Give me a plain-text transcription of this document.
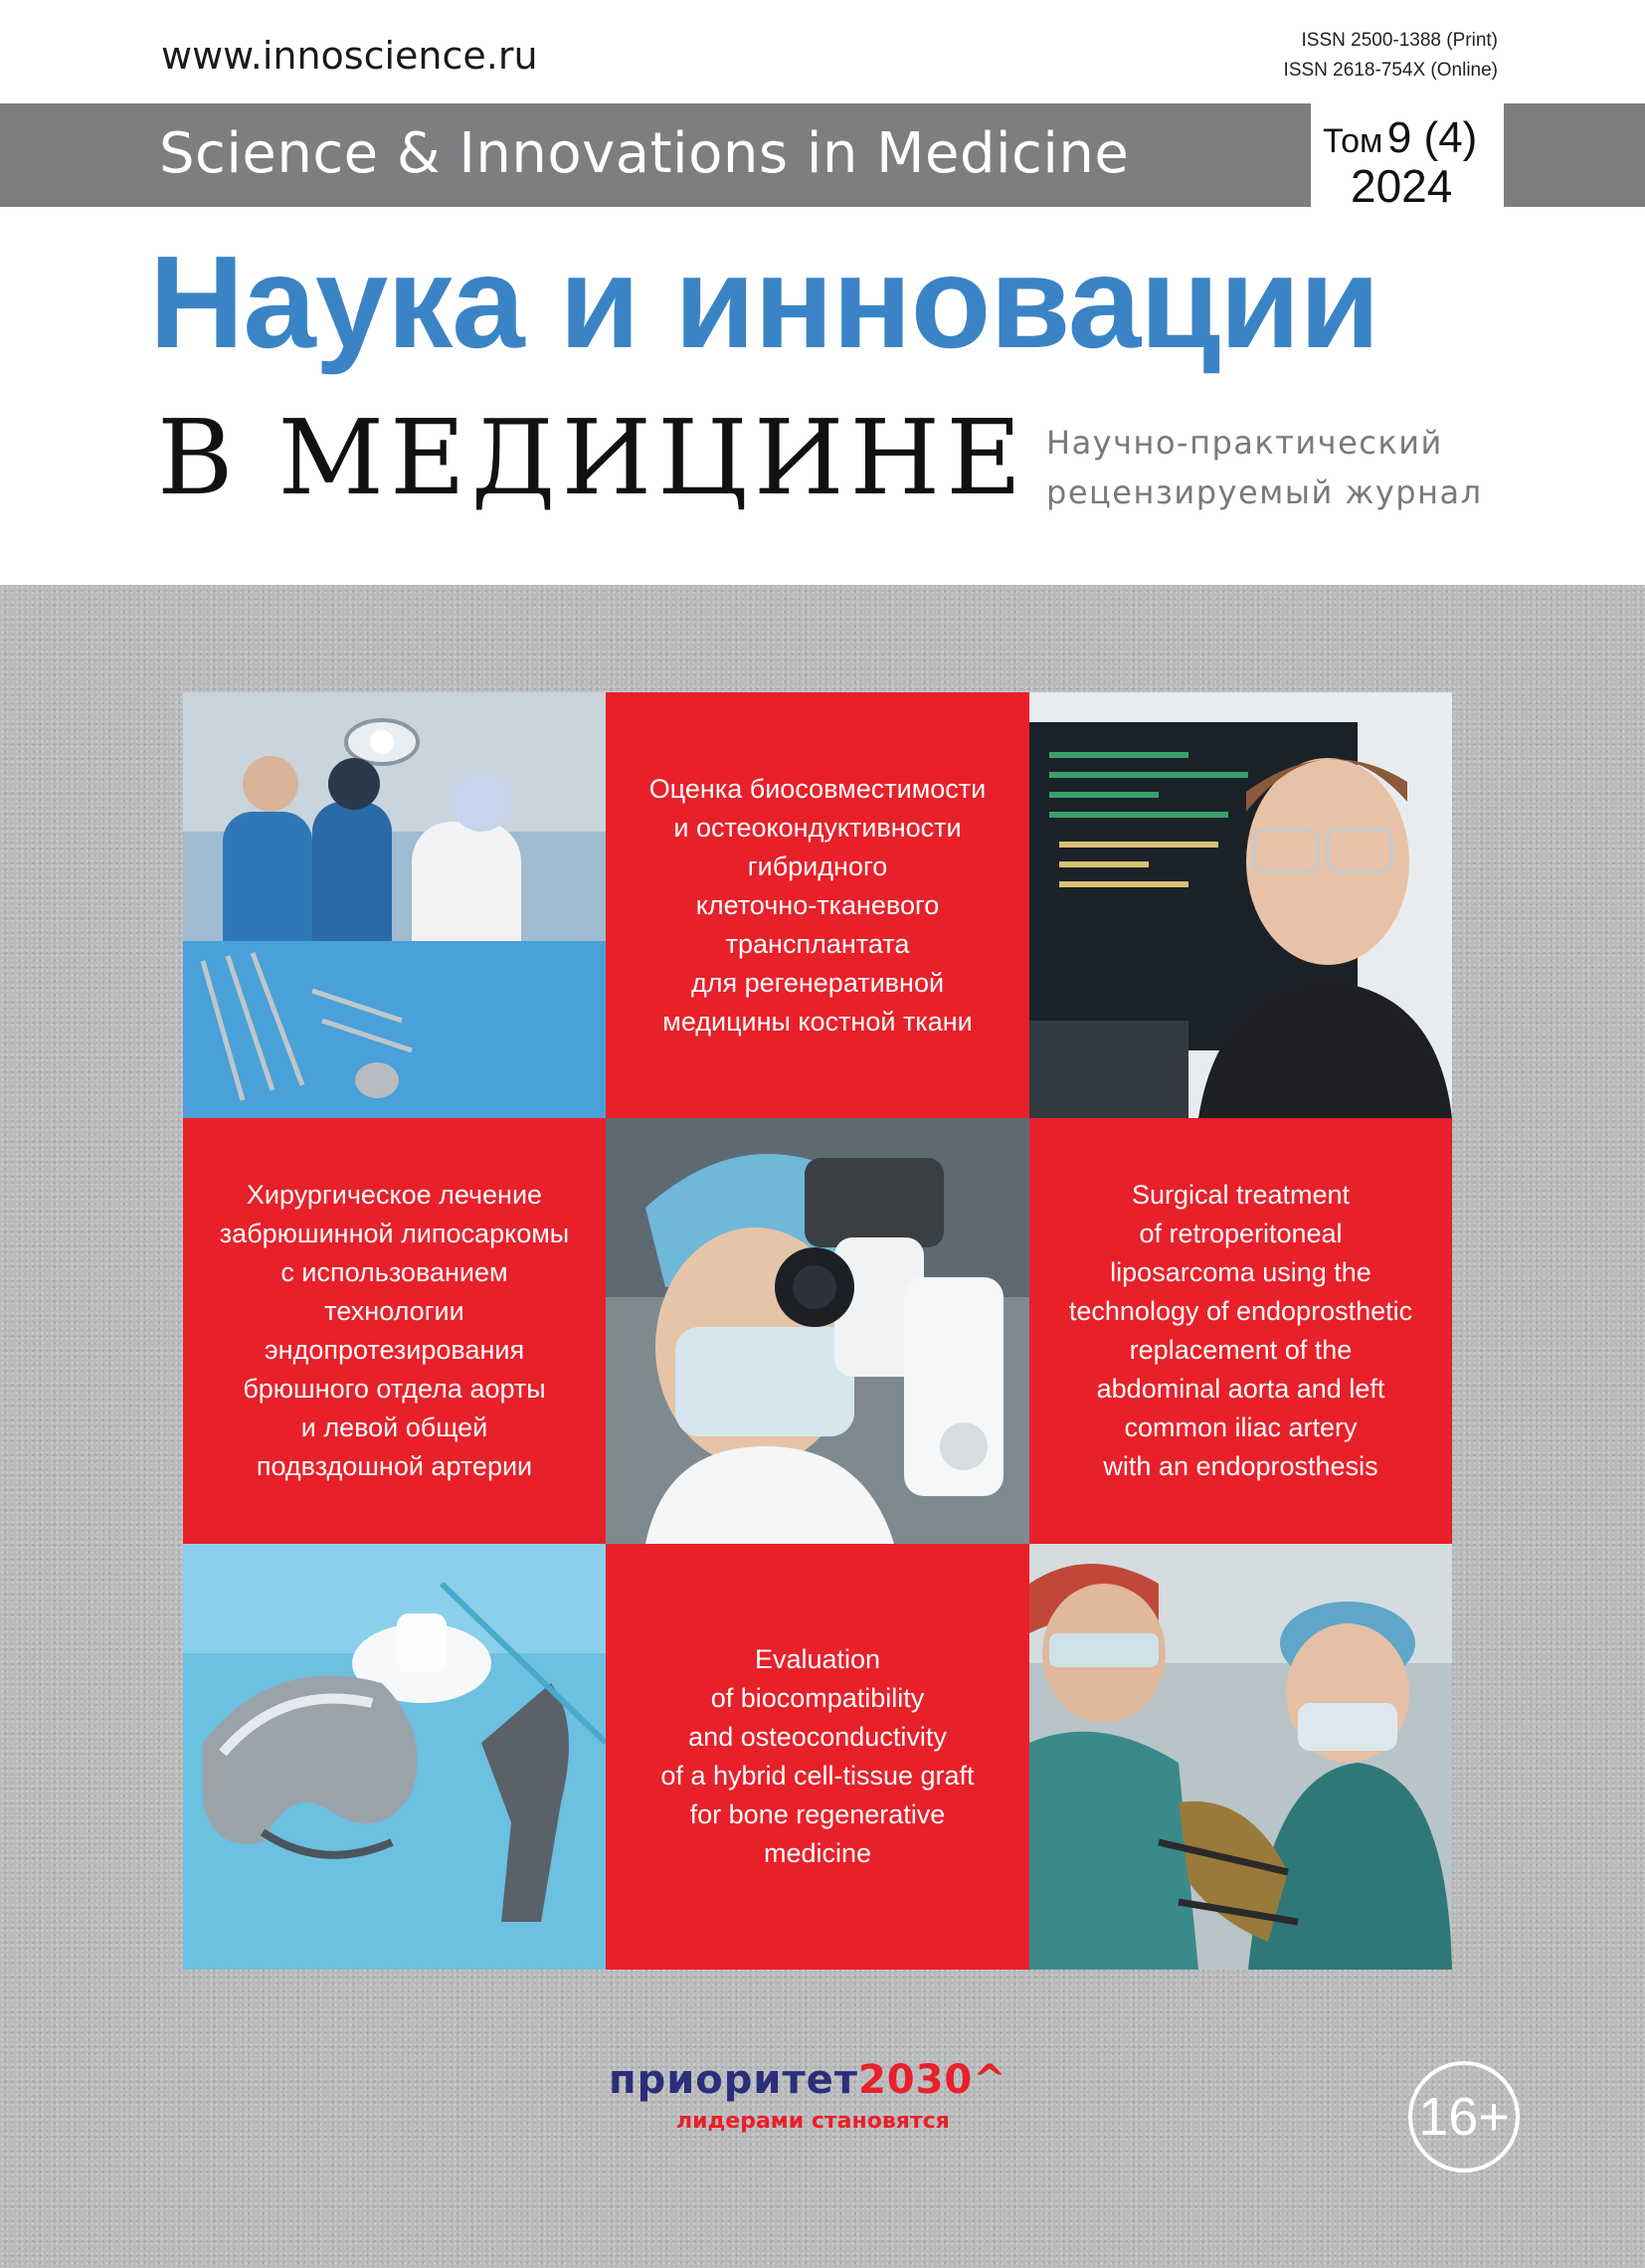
www.innoscience.ru	ISSN 2500-1388 (Print)
ISSN 2618-754X (Online)
Science & Innovations in Medicine	Том 9 (4)
2024
Наука и инновации
В МЕДИЦИНЕ Научно-практический
рецензируемый журнал
Оценка биосовместимости
и остеокондуктивности
гибридного
клеточно-тканевого
трансплантата
для регенеративной
медицины костной ткани
Хирургическое лечение
забрюшинной липосаркомы
с использованием
технологии
эндопротезирования
брюшного отдела аорты
и левой общей
подвздошной артерии
Surgical treatment
of retroperitoneal
liposarcoma using the
technology of endoprosthetic
replacement of the
abdominal aorta and left
common iliac artery
with an endoprosthesis
Evaluation
of biocompatibility
and osteoconductivity
of a hybrid cell-tissue graft
for bone regenerative
medicine
приоритет2030^
лидерами становятся	16+
